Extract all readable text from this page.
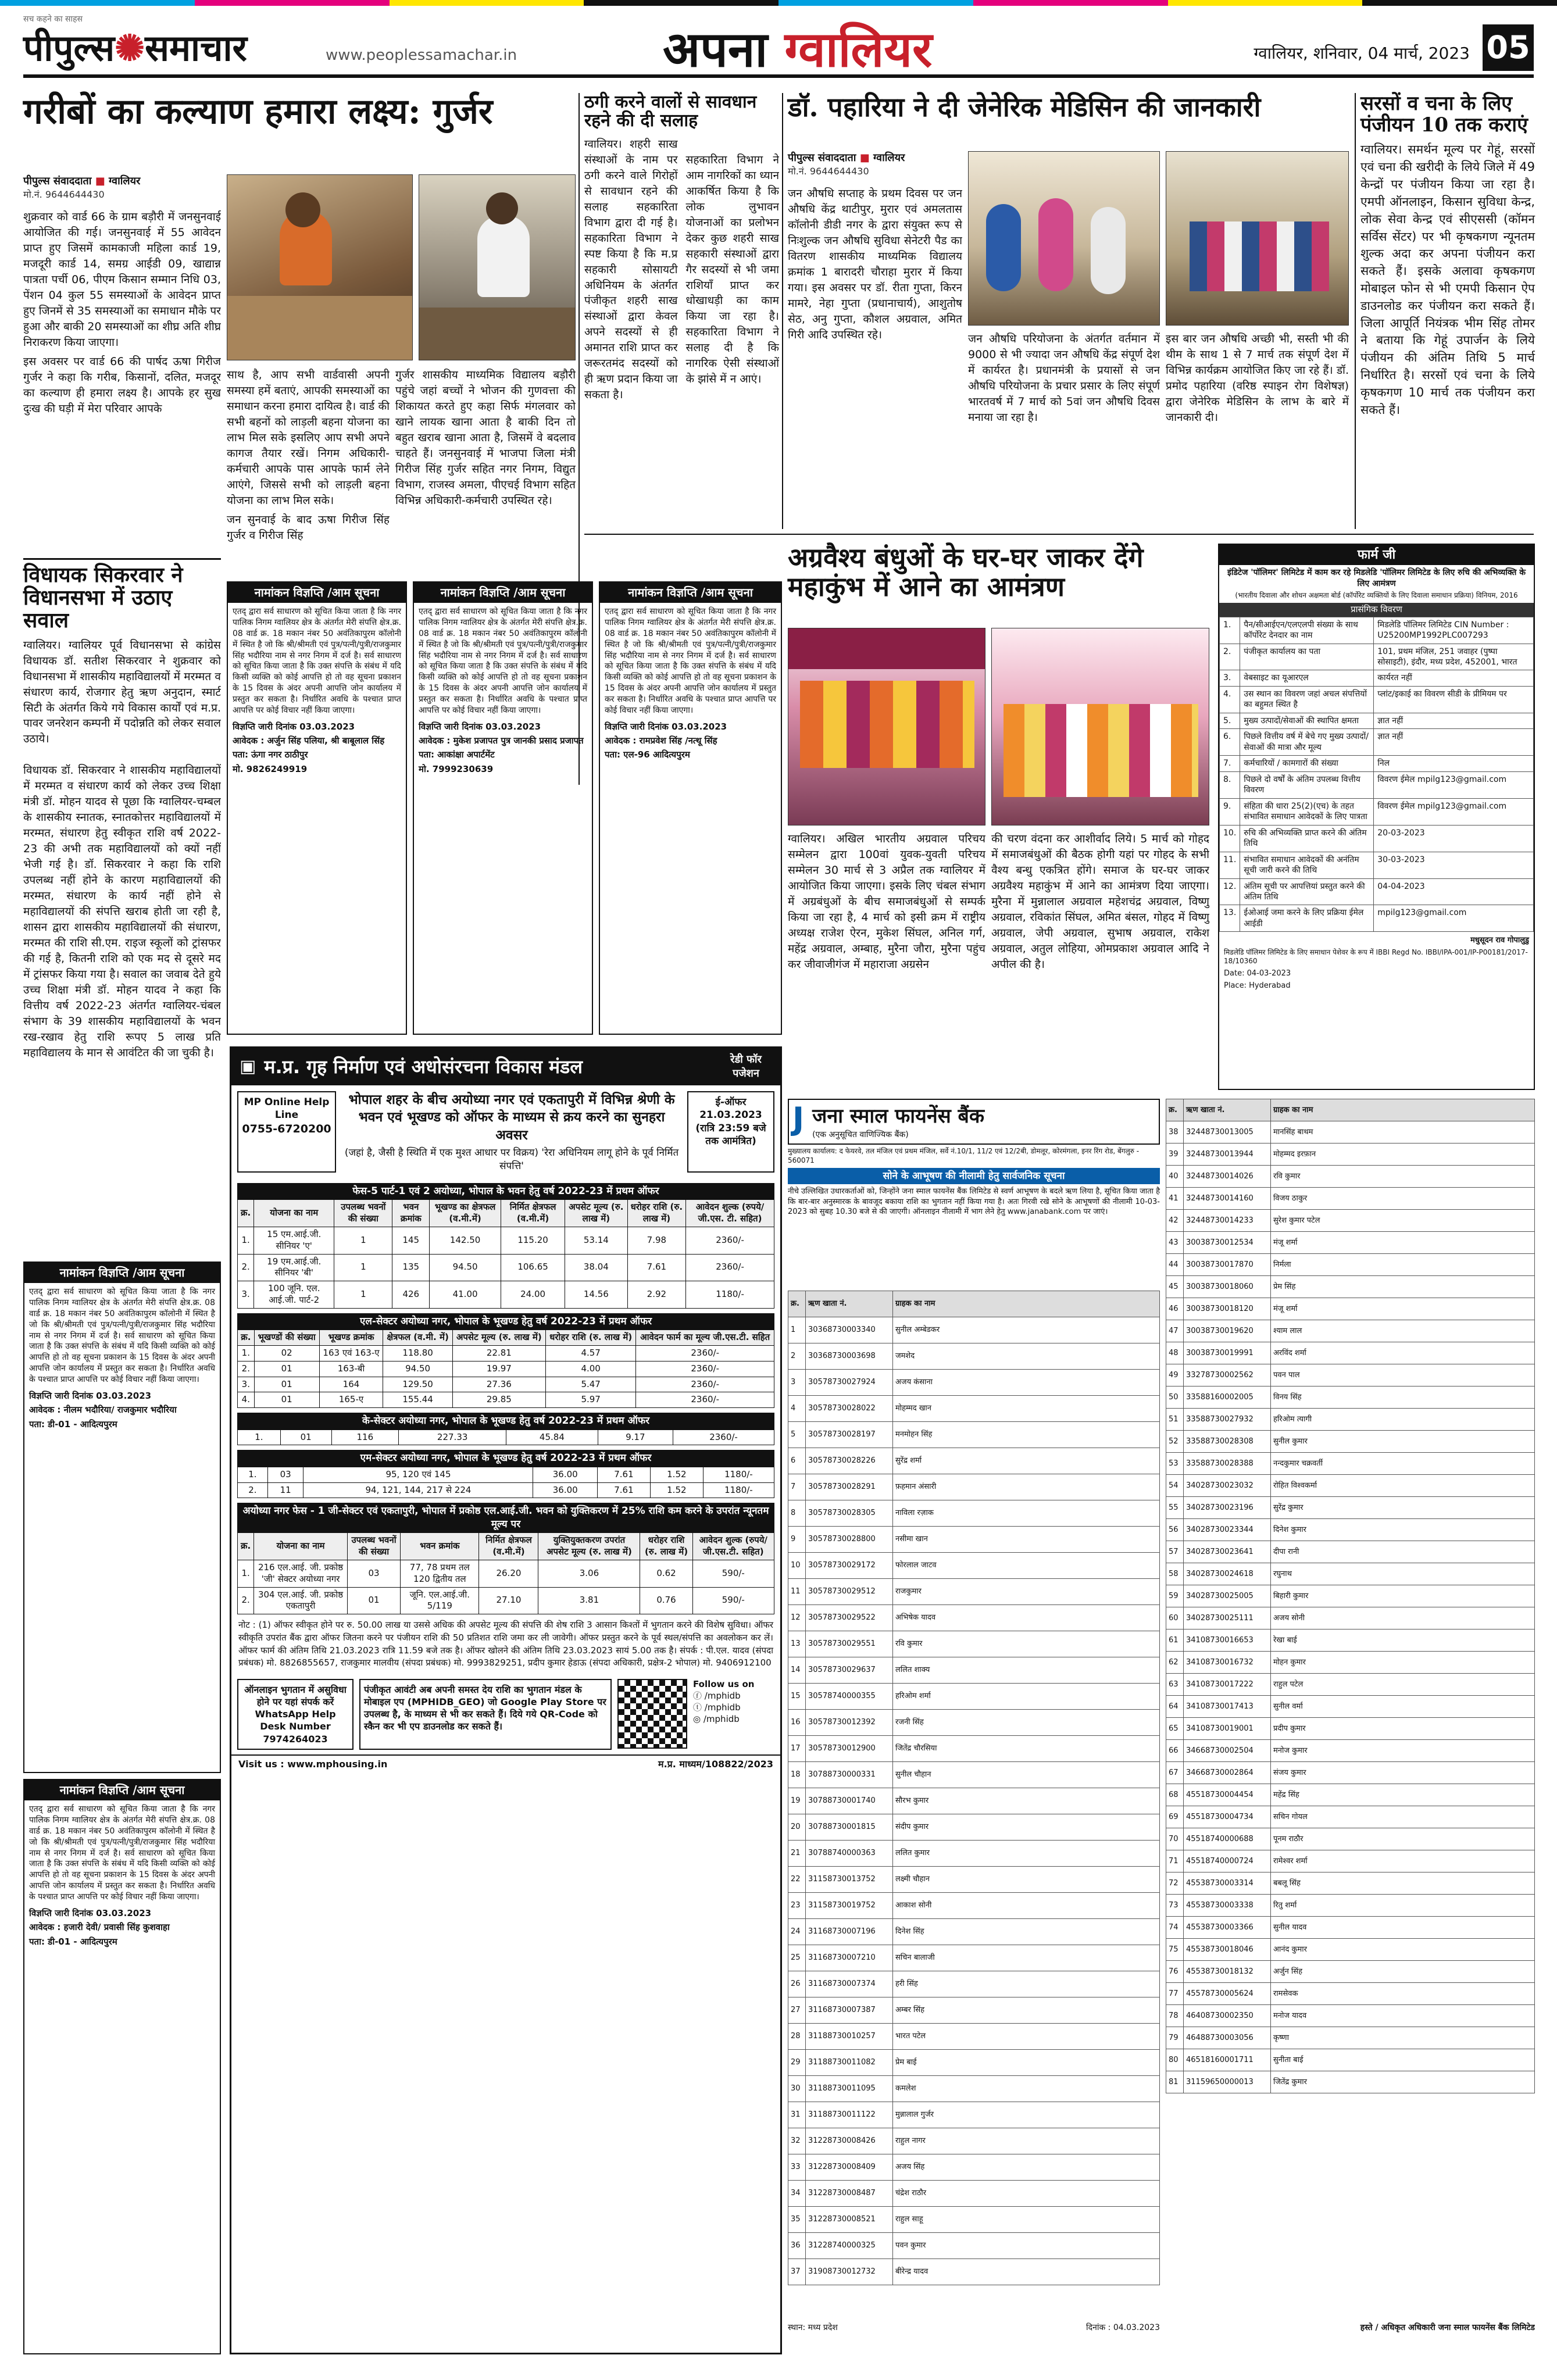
सच कहने का साहस
पीपुल्स✺समाचार	www.peoplessamachar.in	अपना ग्वालियर	ग्वालियर, शनिवार, 04 मार्च, 2023 05
गरीबों का कल्याण हमारा लक्ष्य: गुर्जर
पीपुल्स संवाददाता ■ ग्वालियर
मो.नं. 9644644430

शुक्रवार को वार्ड 66 के ग्राम बड़ौरी में जनसुनवाई आयोजित की गई। जनसुनवाई में 55 आवेदन प्राप्त हुए जिसमें कामकाजी महिला कार्ड 19, मजदूरी कार्ड 14, समग्र आईडी 09, खाद्यान्न पात्रता पर्ची 06, पीएम किसान सम्मान निधि 03, पेंशन 04 कुल 55 समस्याओं के आवेदन प्राप्त हुए जिनमें से 35 समस्याओं का समाधान मौके पर हुआ और बाकी 20 समस्याओं का शीघ्र अति शीघ्र निराकरण किया जाएगा।

इस अवसर पर वार्ड 66 की पार्षद ऊषा गिरीज गुर्जर ने कहा कि गरीब, किसानों, दलित, मजदूर का कल्याण ही हमारा लक्ष्य है। आपके हर सुख दुःख की घड़ी में मेरा परिवार आपके

साथ है, आप सभी वार्डवासी अपनी समस्या हमें बताएं, आपकी समस्याओं का समाधान करना हमारा दायित्व है। वार्ड की सभी बहनों को लाड़ली बहना योजना का लाभ मिल सके इसलिए आप सभी अपने कागज तैयार रखें। निगम अधिकारी-कर्मचारी आपके पास आपके फार्म लेने आएंगे, जिससे सभी को लाड़ली बहना योजना का लाभ मिल सके।

जन सुनवाई के बाद ऊषा गिरीज सिंह गुर्जर व गिरीज सिंह

गुर्जर शासकीय माध्यमिक विद्यालय बड़ौरी पहुंचे जहां बच्चों ने भोजन की गुणवत्ता की शिकायत करते हुए कहा सिर्फ मंगलवार को खाने लायक खाना आता है बाकी दिन तो बहुत खराब खाना आता है, जिसमें वे बदलाव चाहते हैं। जनसुनवाई में भाजपा जिला मंत्री गिरीज सिंह गुर्जर सहित नगर निगम, विद्युत विभाग, राजस्व अमला, पीएचई विभाग सहित विभिन्न अधिकारी-कर्मचारी उपस्थित रहे।

ठगी करने वालों से सावधान रहने की दी सलाह
ग्वालियर। शहरी साख संस्थाओं के नाम पर ठगी करने वाले गिरोहों से सावधान रहने की सलाह सहकारिता विभाग द्वारा दी गई है। सहकारिता विभाग ने स्पष्ट किया है कि म.प्र सहकारी सोसायटी अधिनियम के अंतर्गत पंजीकृत शहरी साख संस्थाओं द्वारा केवल अपने सदस्यों से ही अमानत राशि प्राप्त कर जरूरतमंद सदस्यों को ही ऋण प्रदान किया जा सकता है।

सहकारिता विभाग ने आम नागरिकों का ध्यान आकर्षित किया है कि लोक लुभावन योजनाओं का प्रलोभन देकर कुछ शहरी साख सहकारी संस्थाओं द्वारा गैर सदस्यों से भी जमा राशियाँ प्राप्त कर धोखाधड़ी का काम किया जा रहा है। सहकारिता विभाग ने सलाह दी है कि नागरिक ऐसी संस्थाओं के झांसे में न आएं।
डॉ. पहारिया ने दी जेनेरिक मेडिसिन की जानकारी
पीपुल्स संवाददाता ■ ग्वालियर
मो.नं. 9644644430
जन औषधि सप्ताह के प्रथम दिवस पर जन औषधि केंद्र थाटीपुर, मुरार एवं अमलतास कॉलोनी डीडी नगर के द्वारा संयुक्त रूप से निःशुल्क जन औषधि सुविधा सेनेटरी पैड का वितरण शासकीय माध्यमिक विद्यालय क्रमांक 1 बारादरी चौराहा मुरार में किया गया। इस अवसर पर डॉ. रीता गुप्ता, किरन मामरे, नेहा गुप्ता (प्रधानाचार्य), आशुतोष सेठ, अनु गुप्ता, कौशल अग्रवाल, अमित गिरी आदि उपस्थित रहे।	जन औषधि परियोजना के अंतर्गत वर्तमान में 9000 से भी ज्यादा जन औषधि केंद्र संपूर्ण देश में कार्यरत है। प्रधानमंत्री के प्रयासों से जन औषधि परियोजना के प्रचार प्रसार के लिए संपूर्ण भारतवर्ष में 7 मार्च को 5वां जन औषधि दिवस मनाया जा रहा है।
इस बार जन औषधि अच्छी भी, सस्ती भी की थीम के साथ 1 से 7 मार्च तक संपूर्ण देश में विभिन्न कार्यक्रम आयोजित किए जा रहे हैं। डॉ. प्रमोद पहारिया (वरिष्ठ स्पाइन रोग विशेषज्ञ) द्वारा जेनेरिक मेडिसिन के लाभ के बारे में जानकारी दी।
सरसों व चना के लिए पंजीयन 10 तक कराएं
ग्वालियर। समर्थन मूल्य पर गेहूं, सरसों एवं चना की खरीदी के लिये जिले में 49 केन्द्रों पर पंजीयन किया जा रहा है। एमपी ऑनलाइन, किसान सुविधा केन्द्र, लोक सेवा केन्द्र एवं सीएससी (कॉमन सर्विस सेंटर) पर भी कृषकगण न्यूनतम शुल्क अदा कर अपना पंजीयन करा सकते हैं। इसके अलावा कृषकगण मोबाइल फोन से भी एमपी किसान ऐप डाउनलोड कर पंजीयन करा सकते हैं। जिला आपूर्ति नियंत्रक भीम सिंह तोमर ने बताया कि गेहूं उपार्जन के लिये पंजीयन की अंतिम तिथि 5 मार्च निर्धारित है। सरसों एवं चना के लिये कृषकगण 10 मार्च तक पंजीयन करा सकते हैं।
विधायक सिकरवार ने विधानसभा में उठाए सवाल
ग्वालियर। ग्वालियर पूर्व विधानसभा से कांग्रेस विधायक डॉ. सतीश सिकरवार ने शुक्रवार को विधानसभा में शासकीय महाविद्यालयों में मरम्मत व संधारण कार्य, रोजगार हेतु ऋण अनुदान, स्मार्ट सिटी के अंतर्गत किये गये विकास कार्यों एवं म.प्र. पावर जनरेशन कम्पनी में पदोन्नति को लेकर सवाल उठाये।

विधायक डॉ. सिकरवार ने शासकीय महाविद्यालयों में मरम्मत व संधारण कार्य को लेकर उच्च शिक्षा मंत्री डॉ. मोहन यादव से पूछा कि ग्वालियर-चम्बल के शासकीय स्नातक, स्नातकोत्तर महाविद्यालयों में मरम्मत, संधारण हेतु स्वीकृत राशि वर्ष 2022-23 की अभी तक महाविद्यालयों को क्यों नहीं भेजी गई है। डॉ. सिकरवार ने कहा कि राशि उपलब्ध नहीं होने के कारण महाविद्यालयों की मरम्मत, संधारण के कार्य नहीं होने से महाविद्यालयों की संपत्ति खराब होती जा रही है, शासन द्वारा शासकीय महाविद्यालयों की संधारण, मरम्मत की राशि सी.एम. राइज स्कूलों को ट्रांसफर की गई है, कितनी राशि को एक मद से दूसरे मद में ट्रांसफर किया गया है। सवाल का जवाब देते हुये उच्च शिक्षा मंत्री डॉ. मोहन यादव ने कहा कि वित्तीय वर्ष 2022-23 अंतर्गत ग्वालियर-चंबल संभाग के 39 शासकीय महाविद्यालयों के भवन रख-रखाव हेतु राशि रूपए 5 लाख प्रति महाविद्यालय के मान से आवंटित की जा चुकी है।
अग्रवैश्य बंधुओं के घर-घर जाकर देंगे महाकुंभ में आने का आमंत्रण
ग्वालियर। अखिल भारतीय अग्रवाल परिचय सम्मेलन द्वारा 100वां युवक-युवती परिचय सम्मेलन 30 मार्च से 3 अप्रैल तक ग्वालियर में आयोजित किया जाएगा। इसके लिए चंबल संभाग में अग्रबंधुओं के बीच समाजबंधुओं से सम्पर्क किया जा रहा है, 4 मार्च को इसी क्रम में राष्ट्रीय अध्यक्ष राजेश ऐरन, मुकेश सिंघल, अनिल गर्ग, महेंद्र अग्रवाल, अम्बाह, मुरैना जौरा, मुरैना पहुंच कर जीवाजीगंज में महाराजा अग्रसेन
की चरण वंदना कर आशीर्वाद लिये। 5 मार्च को गोहद में समाजबंधुओं की बैठक होगी यहां पर गोहद के सभी वैश्य बन्धु एकत्रित होंगे। समाज के घर-घर जाकर अग्रवैश्य महाकुंभ में आने का आमंत्रण दिया जाएगा। मुरैना में मुन्नालाल अग्रवाल महेशचंद्र अग्रवाल, विष्णु अग्रवाल, रविकांत सिंघल, अमित बंसल, गोहद में विष्णु अग्रवाल, जेपी अग्रवाल, सुभाष अग्रवाल, राकेश अग्रवाल, अतुल लोहिया, ओमप्रकाश अग्रवाल आदि ने अपील की है।
फार्म जी
इंडिटेज 'पॉलिमर' लिमिटेड में काम कर रहे मिडलेडि 'पॉलिमर लिमिटेड के लिए रुचि की अभिव्यक्ति के लिए आमंत्रण
(भारतीय दिवाला और शोधन अक्षमता बोर्ड (कॉर्पोरेट व्यक्तियों के लिए दिवाला समाधान प्रक्रिया) विनियम, 2016
प्रासंगिक विवरण
1.	पैन/सीआईएन/एलएलपी संख्या के साथ कॉर्पोरेट देनदार का नाम	मिडलेडि पॉलिमर लिमिटेड CIN Number : U25200MP1992PLC007293
2.	पंजीकृत कार्यालय का पता	101, प्रथम मंजिल, 251 जवाहर (पुष्पा सोसाइटी), इंदौर, मध्य प्रदेश, 452001, भारत
3.	वेबसाइट का यूआरएल	कार्यरत नहीं
4.	उस स्थान का विवरण जहां अचल संपत्तियों का बहुमत स्थित है	प्लांट/इकाई का विवरण सीडी के प्रीमियम पर
5.	मुख्य उत्पादों/सेवाओं की स्थापित क्षमता	ज्ञात नहीं
6.	पिछले वित्तीय वर्ष में बेचे गए मुख्य उत्पादों/सेवाओं की मात्रा और मूल्य	ज्ञात नहीं
7.	कर्मचारियों / कामगारों की संख्या	निल
8.	पिछले दो वर्षों के अंतिम उपलब्ध वित्तीय विवरण	विवरण ईमेल mpilg123@gmail.com
9.	संहिता की धारा 25(2)(एच) के तहत संभावित समाधान आवेदकों के लिए पात्रता	विवरण ईमेल mpilg123@gmail.com
10.	रुचि की अभिव्यक्ति प्राप्त करने की अंतिम तिथि	20-03-2023
11.	संभावित समाधान आवेदकों की अनंतिम सूची जारी करने की तिथि	30-03-2023
12.	अंतिम सूची पर आपत्तियां प्रस्तुत करने की अंतिम तिथि	04-04-2023
13.	ईओआई जमा करने के लिए प्रक्रिया ईमेल आईडी	mpilg123@gmail.com
मधुसूदन राव गोपालुडु
मिडलेडि पॉलिमर लिमिटेड के लिए समाधान पेशेवर के रूप में IBBI Regd No. IBBI/IPA-001/IP-P00181/2017-18/10360
Date: 04-03-2023
Place: Hyderabad
▣ म.प्र. गृह निर्माण एवं अधोसंरचना विकास मंडल	रेडी फॉर पजेशन
MP Online Help Line
0755-6720200
भोपाल शहर के बीच अयोध्या नगर एवं एकतापुरी में विभिन्न श्रेणी के भवन एवं भूखण्ड को ऑफर के माध्यम से क्रय करने का सुनहरा अवसर
(जहां है, जैसी है स्थिति में एक मुश्त आधार पर विक्रय) 'रेरा अधिनियम लागू होने के पूर्व निर्मित संपत्ति'
ई-ऑफर 21.03.2023 (रात्रि 23:59 बजे तक आमंत्रित)
फेस-5 पार्ट-1 एवं 2 अयोध्या, भोपाल के भवन हेतु वर्ष 2022-23 में प्रथम ऑफर
क्र.	योजना का नाम	उपलब्ध भवनों की संख्या	भवन क्रमांक	भूखण्ड का क्षेत्रफल (व.मी.में)	निर्मित क्षेत्रफल (व.मी.में)	अपसेट मूल्य (रु. लाख में)	धरोहर राशि (रु. लाख में)	आवेदन शुल्क (रुपये/जी.एस. टी. सहित)
1.	15 एम.आई.जी. सीनियर 'ए'	1	145	142.50	115.20	53.14	7.98	2360/-
2.	19 एम.आई.जी. सीनियर 'बी'	1	135	94.50	106.65	38.04	7.61	2360/-
3.	100 जूनि. एल. आई.जी. पार्ट-2	1	426	41.00	24.00	14.56	2.92	1180/-
एल-सेक्टर अयोध्या नगर, भोपाल के भूखण्ड हेतु वर्ष 2022-23 में प्रथम ऑफर
क्र.	भूखण्डों की संख्या	भूखण्ड क्रमांक	क्षेत्रफल (व.मी. में)	अपसेट मूल्य (रु. लाख में)	धरोहर राशि (रु. लाख में)	आवेदन फार्म का मूल्य जी.एस.टी. सहित
1.	02	163 एवं 163-ए	118.80	22.81	4.57	2360/-
2.	01	163-बी	94.50	19.97	4.00	2360/-
3.	01	164	129.50	27.36	5.47	2360/-
4.	01	165-ए	155.44	29.85	5.97	2360/-
के-सेक्टर अयोध्या नगर, भोपाल के भूखण्ड हेतु वर्ष 2022-23 में प्रथम ऑफर
1.	01	116	227.33	45.84	9.17	2360/-
एम-सेक्टर अयोध्या नगर, भोपाल के भूखण्ड हेतु वर्ष 2022-23 में प्रथम ऑफर
1.	03	95, 120 एवं 145	36.00	7.61	1.52	1180/-
2.	11	94, 121, 144, 217 से 224	36.00	7.61	1.52	1180/-
अयोध्या नगर फेस - 1 जी-सेक्टर एवं एकतापुरी, भोपाल में प्रकोष्ठ एल.आई.जी. भवन को युक्तिकरण में 25% राशि कम करने के उपरांत न्यूनतम मूल्य पर
क्र.	योजना का नाम	उपलब्ध भवनों की संख्या	भवन क्रमांक	निर्मित क्षेत्रफल (व.मी.में)	युक्तियुक्तकरण उपरांत अपसेट मूल्य (रु. लाख में)	धरोहर राशि (रु. लाख में)	आवेदन शुल्क (रुपये/जी.एस.टी. सहित)
1.	216 एल.आई. जी. प्रकोष्ठ 'जी' सेक्टर अयोध्या नगर	03	77, 78 प्रथम तल 120 द्वितीय तल	26.20	3.06	0.62	590/-
2.	304 एल.आई. जी. प्रकोष्ठ एकतापुरी	01	जूनि. एल.आई.जी. 5/119	27.10	3.81	0.76	590/-
नोट : (1) ऑफर स्वीकृत होने पर रु. 50.00 लाख या उससे अधिक की अपसेट मूल्य की संपत्ति की शेष राशि 3 आसान किश्तों में भुगतान करने की विशेष सुविधा। ऑफर स्वीकृति उपरांत बैंक द्वारा ऑफर जितना करने पर पंजीयन राशि की 50 प्रतिशत राशि जमा कर ली जावेगी। ऑफर प्रस्तुत करने के पूर्व स्थल/संपत्ति का अवलोकन कर लें। ऑफर फार्म की अंतिम तिथि 21.03.2023 रात्रि 11.59 बजे तक है। ऑफर खोलने की अंतिम तिथि 23.03.2023 सायं 5.00 तक है। संपर्क : पी.एल. यादव (संपदा प्रबंधक) मो. 8826855657, राजकुमार मालवीय (संपदा प्रबंधक) मो. 9993829251, प्रदीप कुमार हेडाऊ (संपदा अधिकारी, प्रक्षेत्र-2 भोपाल) मो. 9406912100
ऑनलाइन भुगतान में असुविधा होने पर यहां संपर्क करें WhatsApp Help Desk Number 7974264023
पंजीकृत आवंटी अब अपनी समस्त देय राशि का भुगतान मंडल के मोबाइल एप (MPHIDB_GEO) जो Google Play Store पर उपलब्ध है, के माध्यम से भी कर सकते हैं। दिये गये QR-Code को स्कैन कर भी एप डाउनलोड कर सकते हैं।
Follow us on
ⓕ /mphidb
ⓣ /mphidb
◎ /mphidb
Visit us : www.mphousing.in	म.प्र. माध्यम/108822/2023
J जना स्माल फायनेंस बैंक
(एक अनुसूचित वाणिज्यिक बैंक)
मुख्यालय कार्यालय: द फेयरवे, तल मंजिल एवं प्रथम मंजिल, सर्वे नं.10/1, 11/2 एवं 12/2बी, डोमलूर, कोरमंगला, इनर रिंग रोड, बेंगलुरु - 560071
सोने के आभूषण की नीलामी हेतु सार्वजनिक सूचना
नीचे उल्लिखित उधारकर्ताओं को, जिन्होंने जना स्माल फायनेंस बैंक लिमिटेड से स्वर्ण आभूषण के बदले ऋण लिया है, सूचित किया जाता है कि बार-बार अनुस्मारक के बावजूद बकाया राशि का भुगतान नहीं किया गया है। अतः गिरवी रखे सोने के आभूषणों की नीलामी 10-03-2023 को सुबह 10.30 बजे से की जाएगी। ऑनलाइन नीलामी में भाग लेने हेतु www.janabank.com पर जाएं।
क्र.	ऋण खाता नं.	ग्राहक का नाम
1	30368730003340	सुनील अम्बेडकर
2	30368730003698	जमशेद
3	30578730027924	अजय कंसाना
4	30578730028022	मोहम्मद खान
5	30578730028197	मनमोहन सिंह
6	30578730028226	सुरेंद्र शर्मा
7	30578730028291	फ़हमान अंसारी
8	30578730028305	नाविला रज़ाक
9	30578730028800	नसीमा खान
10	30578730029172	फोरलाल जाटव
11	30578730029512	राजकुमार
12	30578730029522	अभिषेक यादव
13	30578730029551	रवि कुमार
14	30578730029637	ललित शाक्य
15	30578740000355	हरिओम शर्मा
16	30578730012392	रजनी सिंह
17	30578730012900	जितेंद्र चौरसिया
18	30788730000331	सुनील चौहान
19	30788730001740	सौरभ कुमार
20	30788730001815	संदीप कुमार
21	30788740000363	ललित कुमार
22	31158730013752	लक्ष्मी चौहान
23	31158730019752	आकाश सोनी
24	31168730007196	दिनेश सिंह
25	31168730007210	सचिन बालाजी
26	31168730007374	हरी सिंह
27	31168730007387	अम्बर सिंह
28	31188730010257	भारत पटेल
29	31188730011082	प्रेम बाई
30	31188730011095	कमलेश
31	31188730011122	मुन्नालाल गुर्जर
32	31228730008426	राहुल नागर
33	31228730008409	अजय सिंह
34	31228730008487	चंद्रेश राठौर
35	31228730008521	राहुल साहू
36	31228740000325	पवन कुमार
37	31908730012732	बीरेन्द्र यादव
क्र.	ऋण खाता नं.	ग्राहक का नाम
38	32448730013005	मानसिंह बाथम
39	32448730013944	मोहम्मद इरफ़ान
40	32448730014026	रवि कुमार
41	32448730014160	विजय ठाकुर
42	32448730014233	सुरेश कुमार पटेल
43	30038730012534	मंजू शर्मा
44	30038730017870	निर्मला
45	30038730018060	प्रेम सिंह
46	30038730018120	मंजू शर्मा
47	30038730019620	श्याम लाल
48	30038730019991	अरविंद शर्मा
49	33278730002562	पवन पाल
50	33588160002005	विनय सिंह
51	33588730027932	हरिओम त्यागी
52	33588730028308	सुनील कुमार
53	33588730028388	नन्दकुमार चक्रवर्ती
54	34028730023032	रोहित विश्वकर्मा
55	34028730023196	सुरेंद्र कुमार
56	34028730023344	दिनेश कुमार
57	34028730023641	दीपा रानी
58	34028730024618	रघुनाथ
59	34028730025005	बिहारी कुमार
60	34028730025111	अजय सोनी
61	34108730016653	रेखा बाई
62	34108730016732	मोहन कुमार
63	34108730017222	राहुल पटेल
64	34108730017413	सुनील वर्मा
65	34108730019001	प्रदीप कुमार
66	34668730002504	मनोज कुमार
67	34668730002864	संजय कुमार
68	45518730004454	महेंद्र सिंह
69	45518730004734	सचिन गोयल
70	45518740000688	पूनम राठौर
71	45518740000724	रामेश्वर शर्मा
72	45538730003314	बबलू सिंह
73	45538730003338	रितु शर्मा
74	45538730003366	सुनील यादव
75	45538730018046	आनंद कुमार
76	45538730018132	अर्जुन सिंह
77	45578730005624	रामसेवक
78	46408730002350	मनोज यादव
79	46488730003056	कृष्णा
80	46518160001711	सुनीता बाई
81	31159650000013	जितेंद्र कुमार
स्थान: मध्य प्रदेश	दिनांक : 04.03.2023	हस्ते / अधिकृत अधिकारी जना स्माल फायनेंस बैंक लिमिटेड
नामांकन विज्ञप्ति /आम सूचना
एतद् द्वारा सर्व साधारण को सूचित किया जाता है कि नगर पालिक निगम ग्वालियर क्षेत्र के अंतर्गत मेरी संपत्ति क्षेत्र.क्र. 08 वार्ड क्र. 18 मकान नंबर 50 अवंतिकापुरम कॉलोनी में स्थित है जो कि श्री/श्रीमती एवं पुत्र/पत्नी/पुत्री/राजकुमार सिंह भदौरिया नाम से नगर निगम में दर्ज है। सर्व साधारण को सूचित किया जाता है कि उक्त संपत्ति के संबंध में यदि किसी व्यक्ति को कोई आपत्ति हो तो वह सूचना प्रकाशन के 15 दिवस के अंदर अपनी आपत्ति जोन कार्यालय में प्रस्तुत कर सकता है। निर्धारित अवधि के पश्चात प्राप्त आपत्ति पर कोई विचार नहीं किया जाएगा।
विज्ञप्ति जारी दिनांक 03.03.2023
आवेदक : अर्जुन सिंह पलिया, श्री बाबूलाल सिंह
पता: ऊंगा नगर ठाठीपुर
मो. 9826249919
नामांकन विज्ञप्ति /आम सूचना
एतद् द्वारा सर्व साधारण को सूचित किया जाता है कि नगर पालिक निगम ग्वालियर क्षेत्र के अंतर्गत मेरी संपत्ति क्षेत्र.क्र. 08 वार्ड क्र. 18 मकान नंबर 50 अवंतिकापुरम कॉलोनी में स्थित है जो कि श्री/श्रीमती एवं पुत्र/पत्नी/पुत्री/राजकुमार सिंह भदौरिया नाम से नगर निगम में दर्ज है। सर्व साधारण को सूचित किया जाता है कि उक्त संपत्ति के संबंध में यदि किसी व्यक्ति को कोई आपत्ति हो तो वह सूचना प्रकाशन के 15 दिवस के अंदर अपनी आपत्ति जोन कार्यालय में प्रस्तुत कर सकता है। निर्धारित अवधि के पश्चात प्राप्त आपत्ति पर कोई विचार नहीं किया जाएगा।
विज्ञप्ति जारी दिनांक 03.03.2023
आवेदक : मुकेश प्रजापत पुत्र जानकी प्रसाद प्रजापत
पता: आकांक्षा अपार्टमेंट
मो. 7999230639
नामांकन विज्ञप्ति /आम सूचना
एतद् द्वारा सर्व साधारण को सूचित किया जाता है कि नगर पालिक निगम ग्वालियर क्षेत्र के अंतर्गत मेरी संपत्ति क्षेत्र.क्र. 08 वार्ड क्र. 18 मकान नंबर 50 अवंतिकापुरम कॉलोनी में स्थित है जो कि श्री/श्रीमती एवं पुत्र/पत्नी/पुत्री/राजकुमार सिंह भदौरिया नाम से नगर निगम में दर्ज है। सर्व साधारण को सूचित किया जाता है कि उक्त संपत्ति के संबंध में यदि किसी व्यक्ति को कोई आपत्ति हो तो वह सूचना प्रकाशन के 15 दिवस के अंदर अपनी आपत्ति जोन कार्यालय में प्रस्तुत कर सकता है। निर्धारित अवधि के पश्चात प्राप्त आपत्ति पर कोई विचार नहीं किया जाएगा।
विज्ञप्ति जारी दिनांक 03.03.2023
आवेदक : रामप्रवेश सिंह /नत्थू सिंह
पता: एल-96 आदित्यपुरम
नामांकन विज्ञप्ति /आम सूचना
एतद् द्वारा सर्व साधारण को सूचित किया जाता है कि नगर पालिक निगम ग्वालियर क्षेत्र के अंतर्गत मेरी संपत्ति क्षेत्र.क्र. 08 वार्ड क्र. 18 मकान नंबर 50 अवंतिकापुरम कॉलोनी में स्थित है जो कि श्री/श्रीमती एवं पुत्र/पत्नी/पुत्री/राजकुमार सिंह भदौरिया नाम से नगर निगम में दर्ज है। सर्व साधारण को सूचित किया जाता है कि उक्त संपत्ति के संबंध में यदि किसी व्यक्ति को कोई आपत्ति हो तो वह सूचना प्रकाशन के 15 दिवस के अंदर अपनी आपत्ति जोन कार्यालय में प्रस्तुत कर सकता है। निर्धारित अवधि के पश्चात प्राप्त आपत्ति पर कोई विचार नहीं किया जाएगा।
विज्ञप्ति जारी दिनांक 03.03.2023
आवेदक : नीलम भदौरिया/ राजकुमार भदौरिया
पता: डी-01 - आदित्यपुरम
नामांकन विज्ञप्ति /आम सूचना
एतद् द्वारा सर्व साधारण को सूचित किया जाता है कि नगर पालिक निगम ग्वालियर क्षेत्र के अंतर्गत मेरी संपत्ति क्षेत्र.क्र. 08 वार्ड क्र. 18 मकान नंबर 50 अवंतिकापुरम कॉलोनी में स्थित है जो कि श्री/श्रीमती एवं पुत्र/पत्नी/पुत्री/राजकुमार सिंह भदौरिया नाम से नगर निगम में दर्ज है। सर्व साधारण को सूचित किया जाता है कि उक्त संपत्ति के संबंध में यदि किसी व्यक्ति को कोई आपत्ति हो तो वह सूचना प्रकाशन के 15 दिवस के अंदर अपनी आपत्ति जोन कार्यालय में प्रस्तुत कर सकता है। निर्धारित अवधि के पश्चात प्राप्त आपत्ति पर कोई विचार नहीं किया जाएगा।
विज्ञप्ति जारी दिनांक 03.03.2023
आवेदक : हजारी देवी/ प्रवासी सिंह कुशवाहा
पता: डी-01 - आदित्यपुरम
